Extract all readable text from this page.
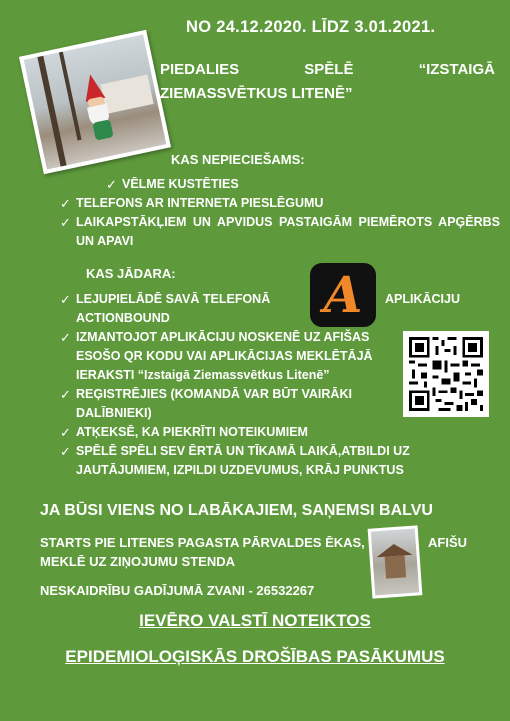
NO 24.12.2020. LĪDZ 3.01.2021.
PIEDALIES	SPĒLĒ	“IZSTAIGĀ
ZIEMASSVĒTKUS LITENĒ”
KAS NEPIECIEŠAMS:
✓ VĒLME KUSTĒTIES
✓ TELEFONS AR INTERNETA PIESLĒGUMU
✓ LAIKAPSTĀKĻIEM UN APVIDUS PASTAIGĀM PIEMĒROTS APĢĒRBS UN APAVI
KAS JĀDARA:	A
✓ LEJUPIELĀDĒ SAVĀ TELEFONĀ	APLIKĀCIJU
ACTIONBOUND
✓ IZMANTOJOT APLIKĀCIJU NOSKENĒ UZ AFIŠAS
ESOŠO QR KODU VAI APLIKĀCIJAS MEKLĒTĀJĀ
IERAKSTI “Izstaigā Ziemassvētkus Litenē”
✓ REĢISTRĒJIES (KOMANDĀ VAR BŪT VAIRĀKI
DALĪBNIEKI)
✓ ATĶEKSĒ, KA PIEKRĪTI NOTEIKUMIEM
✓ SPĒLĒ SPĒLI SEV ĒRTĀ UN TĪKAMĀ LAIKĀ,ATBILDI UZ
JAUTĀJUMIEM, IZPILDI UZDEVUMUS, KRĀJ PUNKTUS
JA BŪSI VIENS NO LABĀKAJIEM, SAŅEMSI BALVU
STARTS PIE LITENES PAGASTA PĀRVALDES ĒKAS,	AFIŠU
MEKLĒ UZ ZIŅOJUMU STENDA
NESKAIDRĪBU GADĪJUMĀ ZVANI - 26532267
IEVĒRO VALSTĪ NOTEIKTOS
EPIDEMIOLOĢISKĀS DROŠĪBAS PASĀKUMUS
